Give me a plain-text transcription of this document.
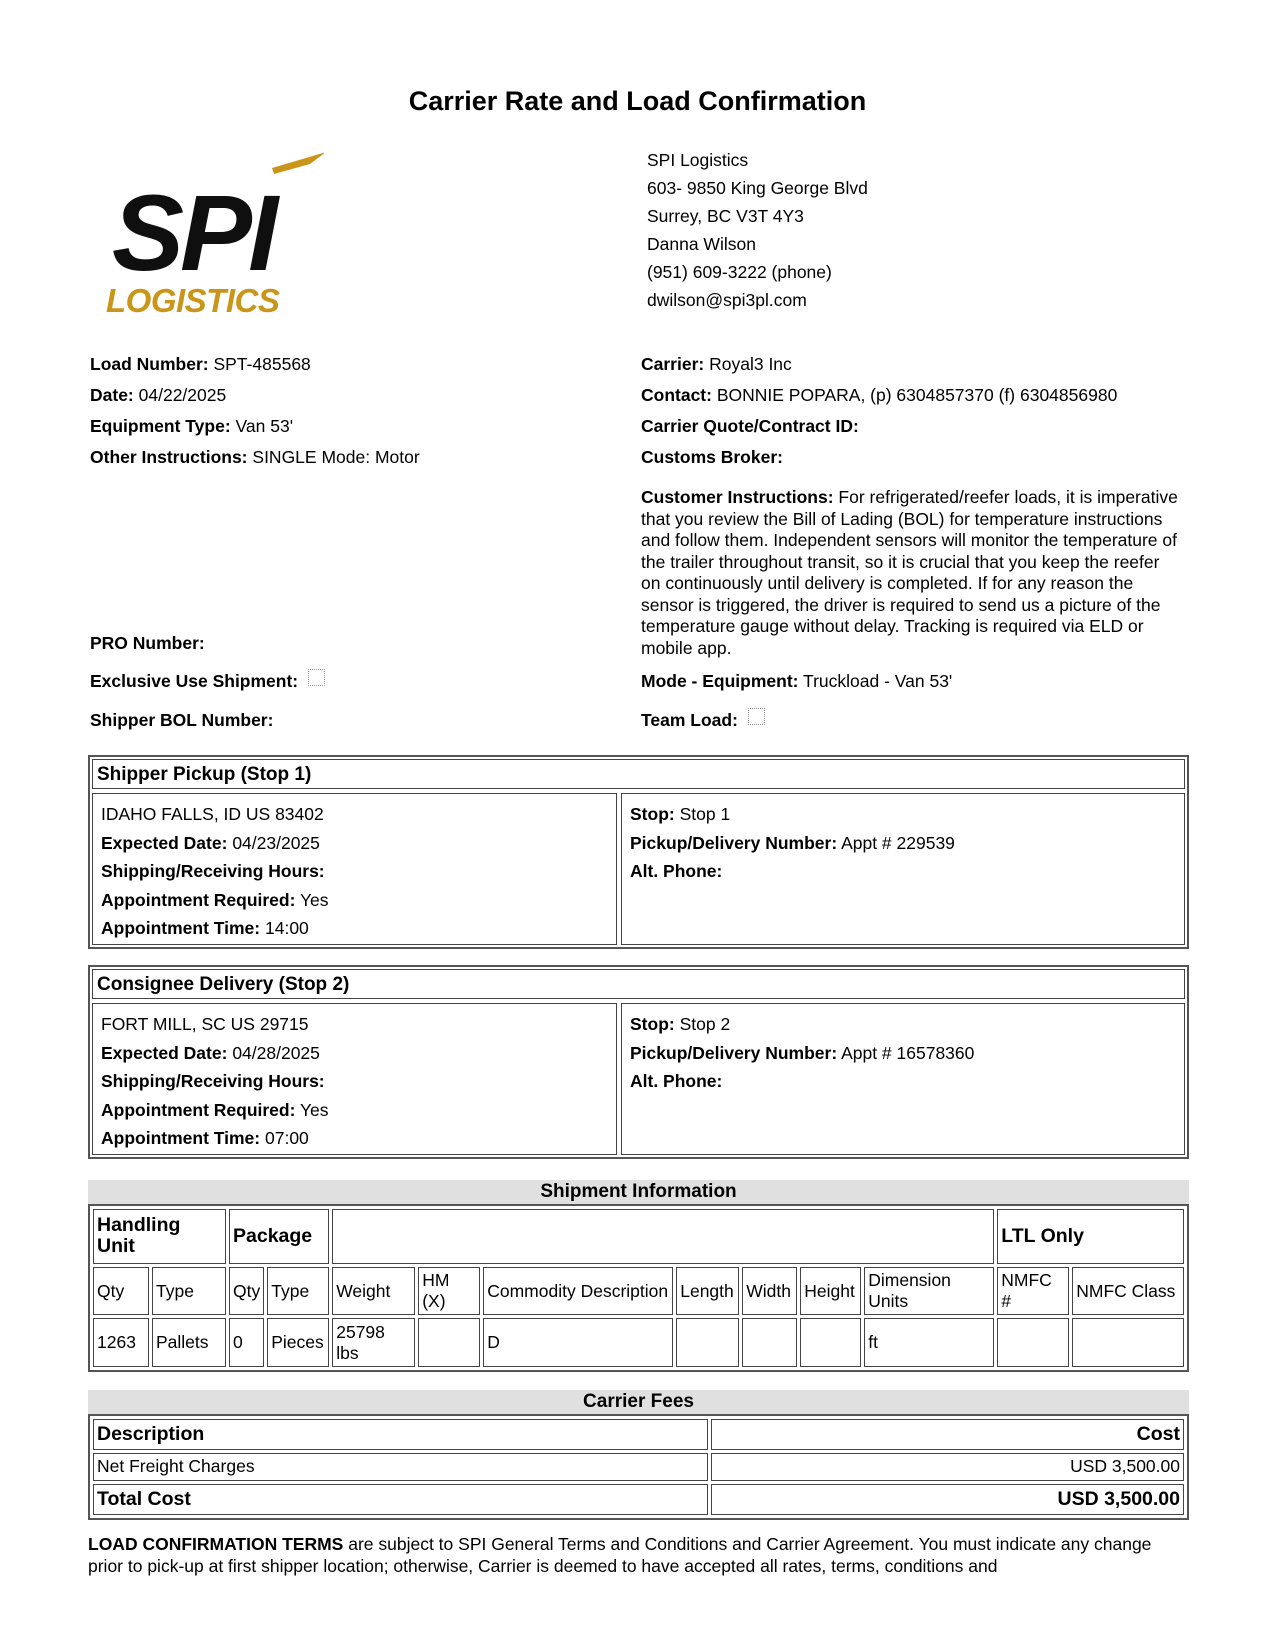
Carrier Rate and Load Confirmation
SPI
LOGISTICS
SPI Logistics
603- 9850 King George Blvd
Surrey, BC V3T 4Y3
Danna Wilson
(951) 609-3222 (phone)
dwilson@spi3pl.com
Load Number: SPT-485568
Date: 04/22/2025
Equipment Type: Van 53'
Other Instructions: SINGLE Mode: Motor
PRO Number:
Exclusive Use Shipment:
Shipper BOL Number:
Carrier: Royal3 Inc
Contact: BONNIE POPARA, (p) 6304857370 (f) 6304856980
Carrier Quote/Contract ID:
Customs Broker:
Customer Instructions: For refrigerated/reefer loads, it is imperative that you review the Bill of Lading (BOL) for temperature instructions and follow them. Independent sensors will monitor the temperature of the trailer throughout transit, so it is crucial that you keep the reefer on continuously until delivery is completed. If for any reason the sensor is triggered, the driver is required to send us a picture of the temperature gauge without delay. Tracking is required via ELD or mobile app.
Mode - Equipment: Truckload - Van 53'
Team Load:
Shipper Pickup (Stop 1)
IDAHO FALLS, ID US 83402
Expected Date: 04/23/2025
Shipping/Receiving Hours:
Appointment Required: Yes
Appointment Time: 14:00
Stop: Stop 1
Pickup/Delivery Number: Appt # 229539
Alt. Phone:
Consignee Delivery (Stop 2)
FORT MILL, SC US 29715
Expected Date: 04/28/2025
Shipping/Receiving Hours:
Appointment Required: Yes
Appointment Time: 07:00
Stop: Stop 2
Pickup/Delivery Number: Appt # 16578360
Alt. Phone:
Shipment Information
Handling Unit		Package									LTL Only	
Qty	Type	Qty	Type	Weight	HM (X)	Commodity Description	Length	Width	Height	Dimension Units	NMFC #	NMFC Class
1263	Pallets	0	Pieces	25798 lbs		D				ft		
Carrier Fees
Description	Cost
Net Freight Charges	USD 3,500.00
Total Cost	USD 3,500.00
LOAD CONFIRMATION TERMS are subject to SPI General Terms and Conditions and Carrier Agreement. You must indicate any change prior to pick-up at first shipper location; otherwise, Carrier is deemed to have accepted all rates, terms, conditions and
